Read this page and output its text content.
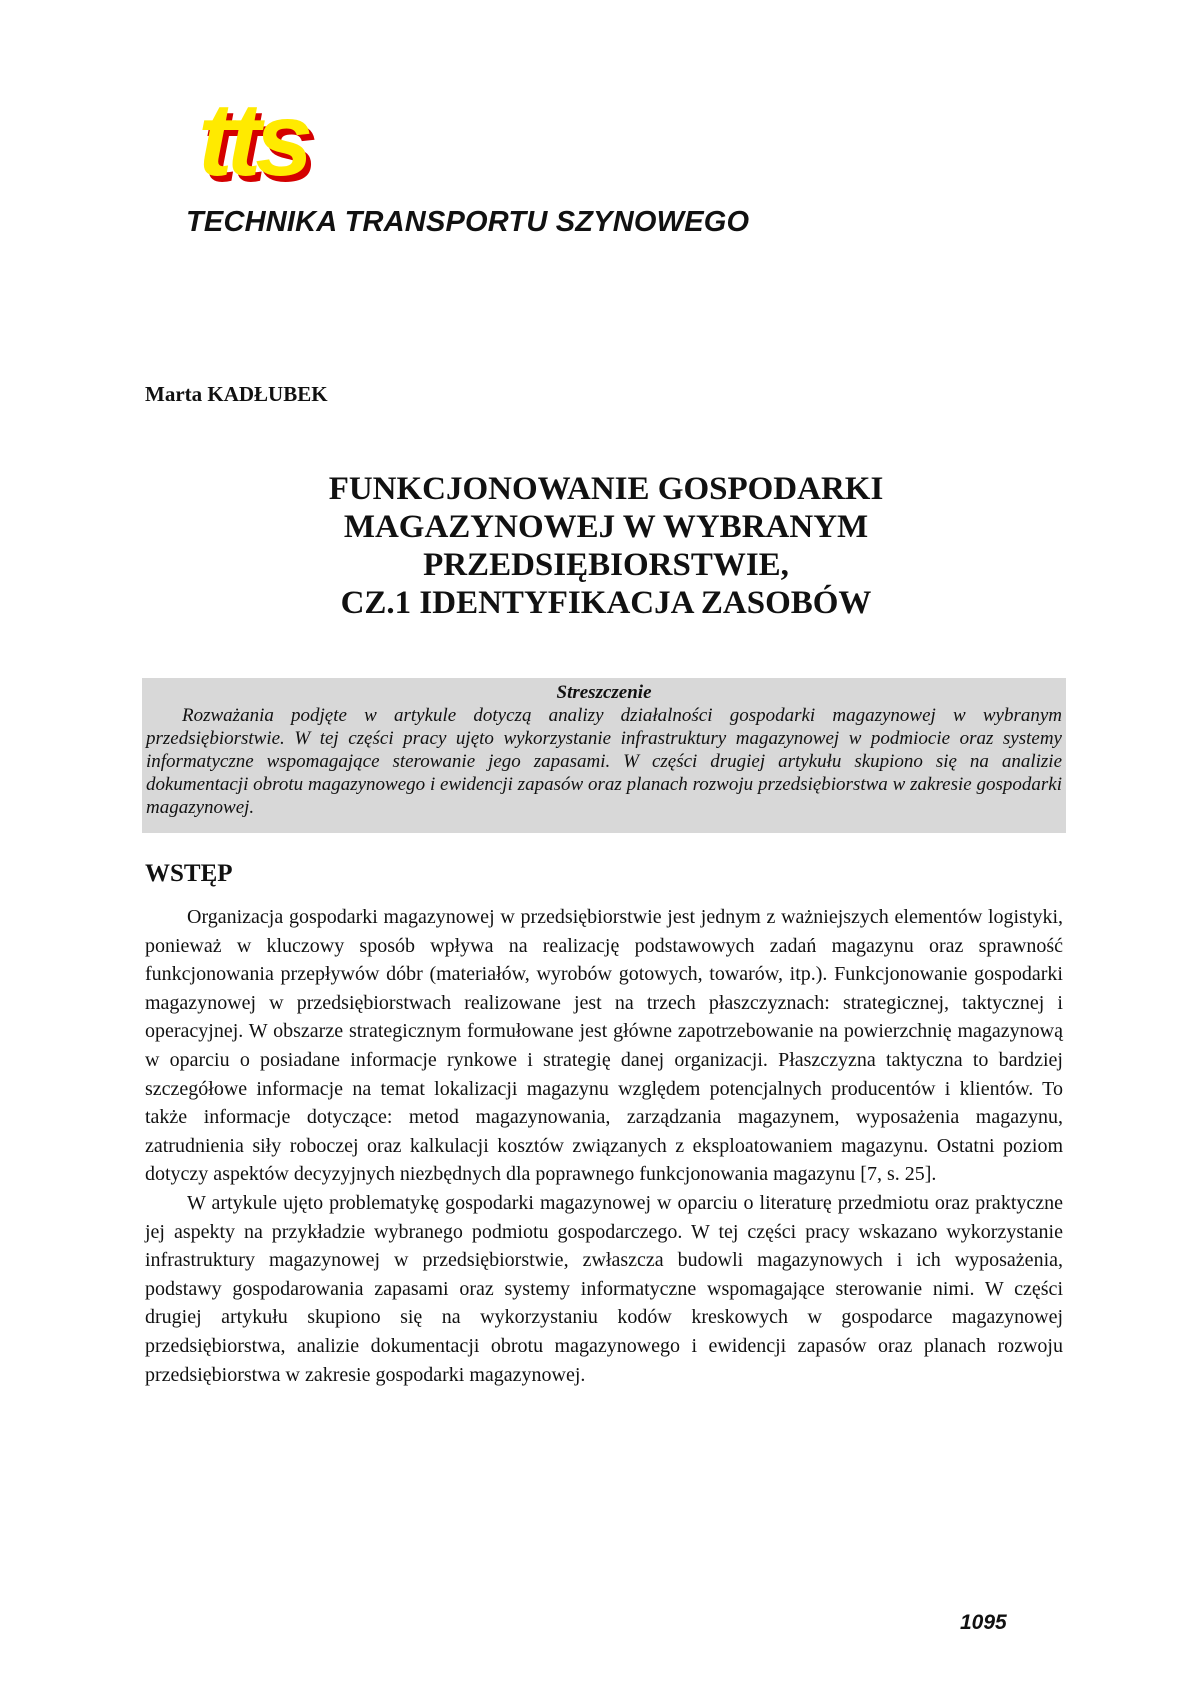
tts
TECHNIKA TRANSPORTU SZYNOWEGO
Marta KADŁUBEK
FUNKCJONOWANIE GOSPODARKI
MAGAZYNOWEJ W WYBRANYM
PRZEDSIĘBIORSTWIE,
CZ.1 IDENTYFIKACJA ZASOBÓW
Streszczenie

Rozważania podjęte w artykule dotyczą analizy działalności gospodarki magazynowej w wybranym przedsiębiorstwie. W tej części pracy ujęto wykorzystanie infrastruktury magazynowej w podmiocie oraz systemy informatyczne wspomagające sterowanie jego zapasami. W części drugiej artykułu skupiono się na analizie dokumentacji obrotu magazynowego i ewidencji zapasów oraz planach rozwoju przedsiębiorstwa w zakresie gospodarki magazynowej.

WSTĘP

Organizacja gospodarki magazynowej w przedsiębiorstwie jest jednym z ważniejszych elementów logistyki, ponieważ w kluczowy sposób wpływa na realizację podstawowych zadań magazynu oraz sprawność funkcjonowania przepływów dóbr (materiałów, wyrobów gotowych, towarów, itp.). Funkcjonowanie gospodarki magazynowej w przedsiębiorstwach realizowane jest na trzech płaszczyznach: strategicznej, taktycznej i operacyjnej. W obszarze strategicznym formułowane jest główne zapotrzebowanie na powierzchnię magazynową w oparciu o posiadane informacje rynkowe i strategię danej organizacji. Płaszczyzna taktyczna to bardziej szczegółowe informacje na temat lokalizacji magazynu względem potencjalnych producentów i klientów. To także informacje dotyczące: metod magazynowania, zarządzania magazynem, wyposażenia magazynu, zatrudnienia siły roboczej oraz kalkulacji kosztów związanych z eksploatowaniem magazynu. Ostatni poziom dotyczy aspektów decyzyjnych niezbędnych dla poprawnego funkcjonowania magazynu [7, s. 25].

W artykule ujęto problematykę gospodarki magazynowej w oparciu o literaturę przedmiotu oraz praktyczne jej aspekty na przykładzie wybranego podmiotu gospodarczego. W tej części pracy wskazano wykorzystanie infrastruktury magazynowej w przedsiębiorstwie, zwłaszcza budowli magazynowych i ich wyposażenia, podstawy gospodarowania zapasami oraz systemy informatyczne wspomagające sterowanie nimi. W części drugiej artykułu skupiono się na wykorzystaniu kodów kreskowych w gospodarce magazynowej przedsiębiorstwa, analizie dokumentacji obrotu magazynowego i ewidencji zapasów oraz planach rozwoju przedsiębiorstwa w zakresie gospodarki magazynowej.

1095
